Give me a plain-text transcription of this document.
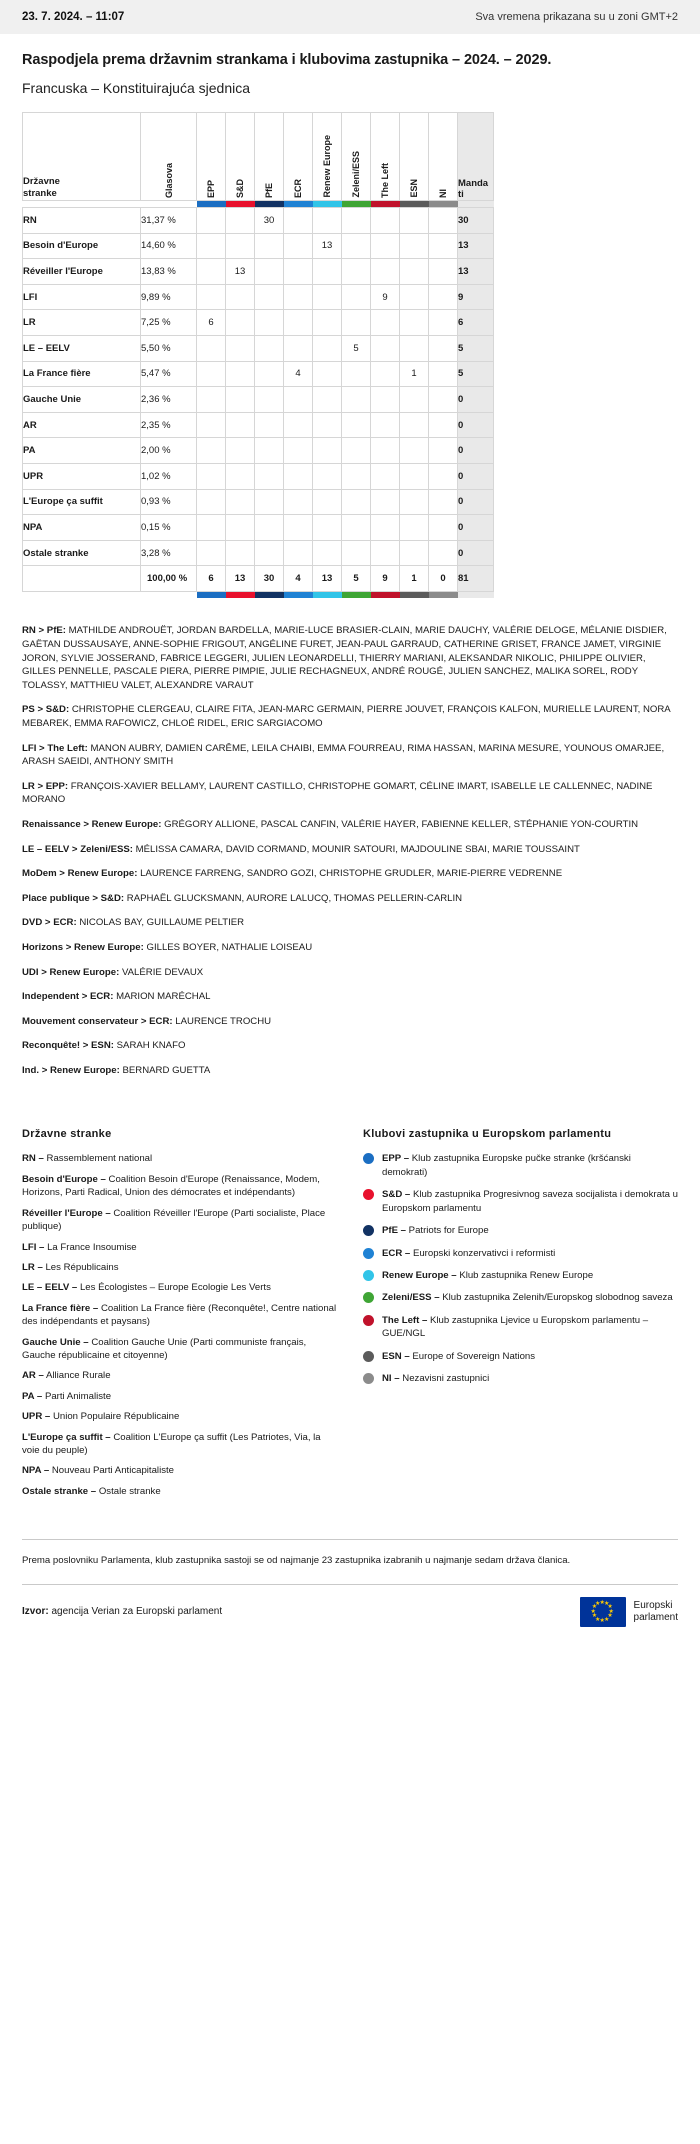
23. 7. 2024. – 11:07	Sva vremena prikazana su u zoni GMT+2
Raspodjela prema državnim strankama i klubovima zastupnika – 2024. – 2029.
Francuska – Konstituirajuća sjednica
Državne
stranke	Glasova	EPP	S&D	PfE	ECR	Renew Europe	Zeleni/ESS	The Left	ESN	NI	Manda
ti

RN	31,37 %			30							30
Besoin d'Europe	14,60 %					13					13
Réveiller l'Europe	13,83 %		13								13
LFI	9,89 %							9			9
LR	7,25 %	6									6
LE – EELV	5,50 %						5				5
La France fière	5,47 %				4				1		5
Gauche Unie	2,36 %										0
AR	2,35 %										0
PA	2,00 %										0
UPR	1,02 %										0
L'Europe ça suffit	0,93 %										0
NPA	0,15 %										0
Ostale stranke	3,28 %										0
	100,00 %	6	13	30	4	13	5	9	1	0	81

RN > PfE: MATHILDE ANDROUËT, JORDAN BARDELLA, MARIE-LUCE BRASIER-CLAIN, MARIE DAUCHY, VALÉRIE DELOGE, MÉLANIE DISDIER, GAËTAN DUSSAUSAYE, ANNE-SOPHIE FRIGOUT, ANGÉLINE FURET, JEAN-PAUL GARRAUD, CATHERINE GRISET, FRANCE JAMET, VIRGINIE JORON, SYLVIE JOSSERAND, FABRICE LEGGERI, JULIEN LEONARDELLI, THIERRY MARIANI, ALEKSANDAR NIKOLIC, PHILIPPE OLIVIER, GILLES PENNELLE, PASCALE PIERA, PIERRE PIMPIE, JULIE RECHAGNEUX, ANDRÉ ROUGÉ, JULIEN SANCHEZ, MALIKA SOREL, RODY TOLASSY, MATTHIEU VALET, ALEXANDRE VARAUT
PS > S&D: CHRISTOPHE CLERGEAU, CLAIRE FITA, JEAN-MARC GERMAIN, PIERRE JOUVET, FRANÇOIS KALFON, MURIELLE LAURENT, NORA MEBAREK, EMMA RAFOWICZ, CHLOÉ RIDEL, ERIC SARGIACOMO
LFI > The Left: MANON AUBRY, DAMIEN CARÊME, LEILA CHAIBI, EMMA FOURREAU, RIMA HASSAN, MARINA MESURE, YOUNOUS OMARJEE, ARASH SAEIDI, ANTHONY SMITH
LR > EPP: FRANÇOIS-XAVIER BELLAMY, LAURENT CASTILLO, CHRISTOPHE GOMART, CÉLINE IMART, ISABELLE LE CALLENNEC, NADINE MORANO
Renaissance > Renew Europe: GRÉGORY ALLIONE, PASCAL CANFIN, VALÉRIE HAYER, FABIENNE KELLER, STÉPHANIE YON-COURTIN
LE – EELV > Zeleni/ESS: MÉLISSA CAMARA, DAVID CORMAND, MOUNIR SATOURI, MAJDOULINE SBAI, MARIE TOUSSAINT
MoDem > Renew Europe: LAURENCE FARRENG, SANDRO GOZI, CHRISTOPHE GRUDLER, MARIE-PIERRE VEDRENNE
Place publique > S&D: RAPHAËL GLUCKSMANN, AURORE LALUCQ, THOMAS PELLERIN-CARLIN
DVD > ECR: NICOLAS BAY, GUILLAUME PELTIER
Horizons > Renew Europe: GILLES BOYER, NATHALIE LOISEAU
UDI > Renew Europe: VALÉRIE DEVAUX
Independent > ECR: MARION MARÉCHAL
Mouvement conservateur > ECR: LAURENCE TROCHU
Reconquête! > ESN: SARAH KNAFO
Ind. > Renew Europe: BERNARD GUETTA
Državne stranke
RN – Rassemblement national
Besoin d'Europe – Coalition Besoin d'Europe (Renaissance, Modem, Horizons, Parti Radical, Union des démocrates et indépendants)
Réveiller l'Europe – Coalition Réveiller l'Europe (Parti socialiste, Place publique)
LFI – La France Insoumise
LR – Les Républicains
LE – EELV – Les Écologistes – Europe Ecologie Les Verts
La France fière – Coalition La France fière (Reconquête!, Centre national des indépendants et paysans)
Gauche Unie – Coalition Gauche Unie (Parti communiste français, Gauche républicaine et citoyenne)
AR – Alliance Rurale
PA – Parti Animaliste
UPR – Union Populaire Républicaine
L'Europe ça suffit – Coalition L'Europe ça suffit (Les Patriotes, Via, la voie du peuple)
NPA – Nouveau Parti Anticapitaliste
Ostale stranke – Ostale stranke
Klubovi zastupnika u Europskom parlamentu
EPP – Klub zastupnika Europske pučke stranke (kršćanski demokrati)
S&D – Klub zastupnika Progresivnog saveza socijalista i demokrata u Europskom parlamentu
PfE – Patriots for Europe
ECR – Europski konzervativci i reformisti
Renew Europe – Klub zastupnika Renew Europe
Zeleni/ESS – Klub zastupnika Zelenih/Europskog slobodnog saveza
The Left – Klub zastupnika Ljevice u Europskom parlamentu – GUE/NGL
ESN – Europe of Sovereign Nations
NI – Nezavisni zastupnici
Prema poslovniku Parlamenta, klub zastupnika sastoji se od najmanje 23 zastupnika izabranih u najmanje sedam država članica.
Izvor: agencija Verian za Europski parlament
★ ★
★
★
★
★
★
★
★
★
★
★	Europski
parlament
